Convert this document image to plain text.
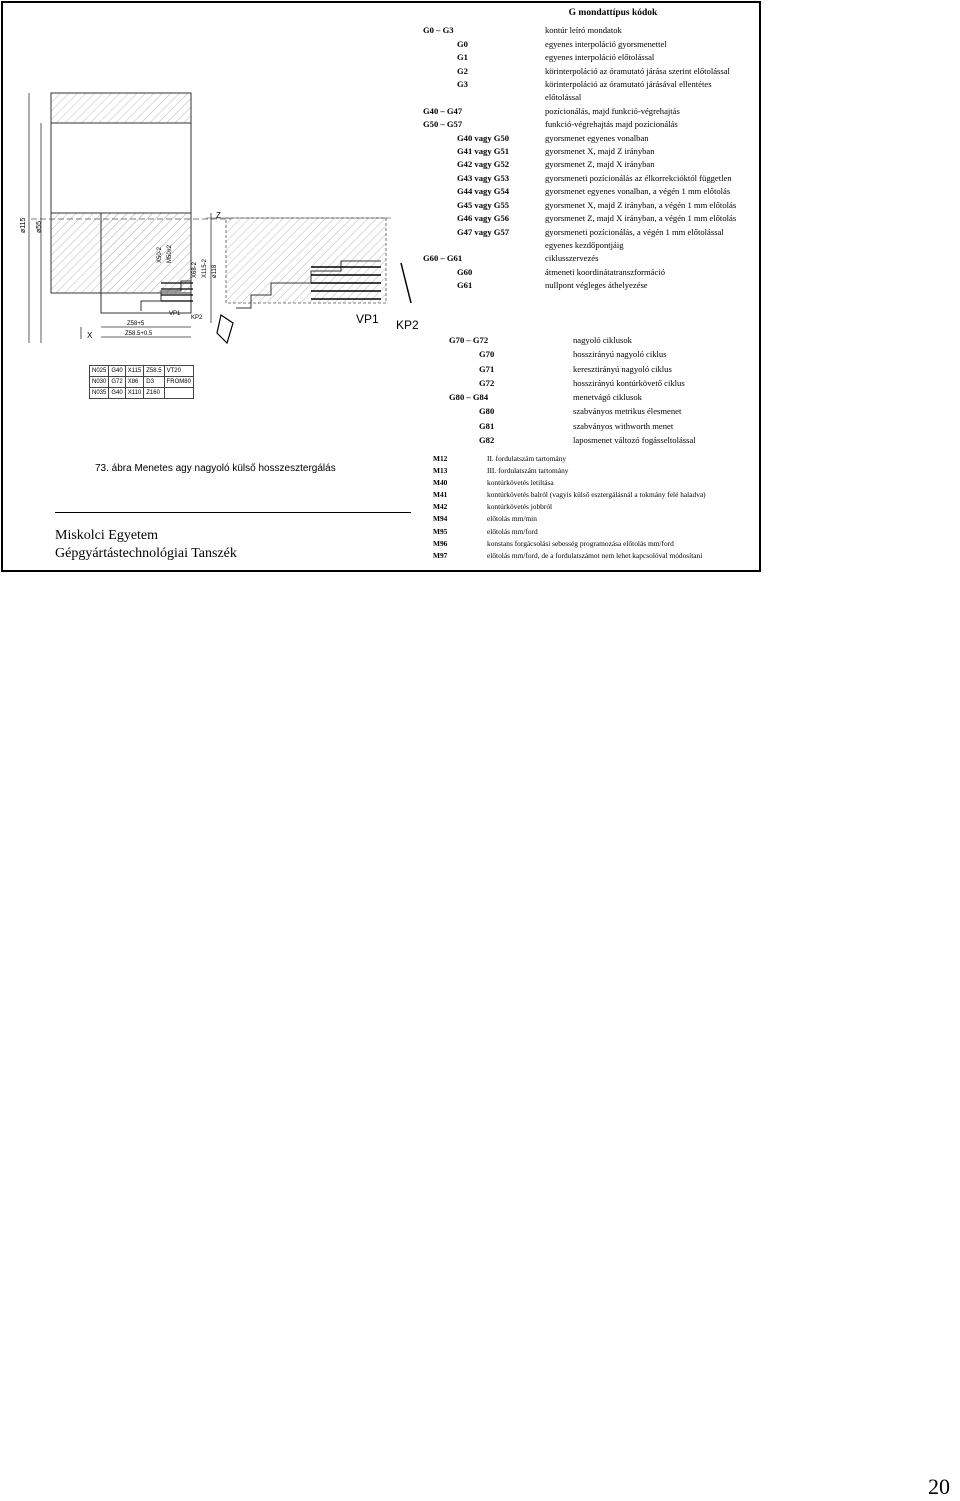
ø115 ø55
X50-2 M50x2
X68-2 X115-2 ø118
Z
X
Z58+5
Z58.5+0.5
VP1
KP2	VP1 KP2
N025	G40	X115	Z58.5	VT20
N030	G72	X86	D3	FROM80
N035	G40	X110	Z160	
73. ábra Menetes agy nagyoló külső hosszesztergálás
G mondattípus kódok
G0 – G3	kontúr leíró mondatok
G0	egyenes interpoláció gyorsmenettel
G1	egyenes interpoláció előtolással
G2	körinterpoláció az óramutató járása szerint előtolással
G3	körinterpoláció az óramutató járásával ellentétes
előtolással
G40 – G47	pozícionálás, majd funkció-végrehajtás
G50 – G57	funkció-végrehajtás majd pozícionálás
G40 vagy G50	gyorsmenet egyenes vonalban
G41 vagy G51	gyorsmenet X, majd Z irányban
G42 vagy G52	gyorsmenet Z, majd X irányban
G43 vagy G53	gyorsmeneti pozícionálás az élkorrekcióktól független
G44 vagy G54	gyorsmenet egyenes vonalban, a végén 1 mm előtolás
G45 vagy G55	gyorsmenet X, majd Z irányban, a végén 1 mm előtolás
G46 vagy G56	gyorsmenet Z, majd X irányban, a végén 1 mm előtolás
G47 vagy G57	gyorsmeneti pozícionálás, a végén 1 mm előtolással
egyenes kezdőpontjáig
G60 – G61	ciklusszervezés
G60	átmeneti koordinátatranszformáció
G61	nullpont végleges áthelyezése
G70 – G72	nagyoló ciklusok
G70	hosszirányú nagyoló ciklus
G71	keresztirányú nagyoló ciklus
G72	hosszirányú kontúrkövető ciklus
G80 – G84	menetvágó ciklusok
G80	szabványos metrikus élesmenet
G81	szabványos withworth menet
G82	laposmenet változó fogásseltolással
M12	II. fordulatszám tartomány
M13	III. fordulatszám tartomány
M40	kontúrkövetés letiltása
M41	kontúrkövetés balról (vagyis külső esztergálásnál a tokmány felé haladva)
M42	kontúrkövetés jobbról
M94	előtolás mm/min
M95	előtolás mm/ford
M96	konstans forgácsolási sebesség programozása előtolás mm/ford
M97	előtolás mm/ford, de a fordulatszámot nem lehet kapcsolóval módosítani
Miskolci Egyetem
Gépgyártástechnológiai Tanszék
20
